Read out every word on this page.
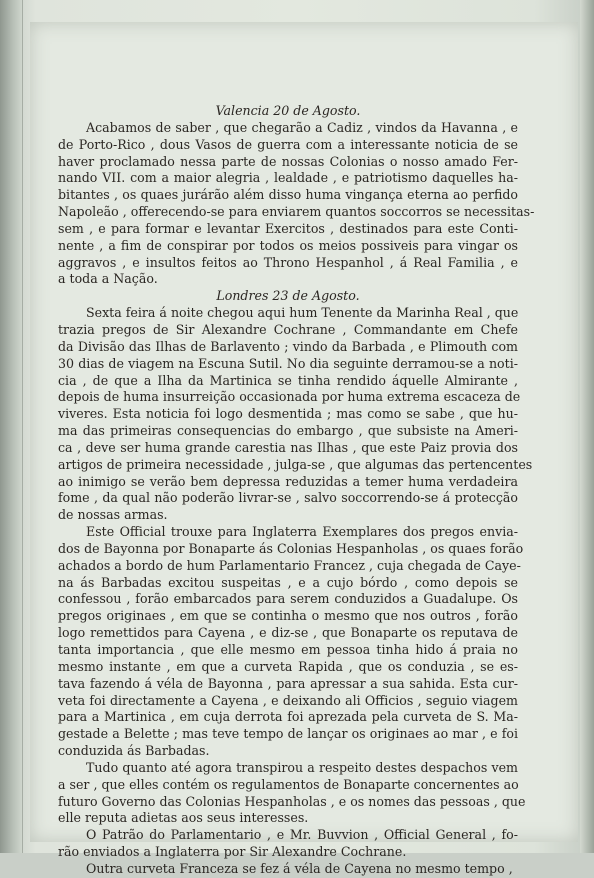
Valencia 20 de Agosto.

Acabamos de saber , que chegarão a Cadiz , vindos da Havanna , e
de Porto-Rico , dous Vasos de guerra com a interessante noticia de se
haver proclamado nessa parte de nossas Colonias o nosso amado Fer-
nando VII. com a maior alegria , lealdade , e patriotismo daquelles ha-
bitantes , os quaes jurárão além disso huma vingança eterna ao perfido
Napoleão , offerecendo-se para enviarem quantos soccorros se necessitas-
sem , e para formar e levantar Exercitos , destinados para este Conti-
nente , a fim de conspirar por todos os meios possiveis para vingar os
aggravos , e insultos feitos ao Throno Hespanhol , á Real Familia , e
a toda a Nação.

Londres 23 de Agosto.

Sexta feira á noite chegou aqui hum Tenente da Marinha Real , que
trazia pregos de Sir Alexandre Cochrane , Commandante em Chefe
da Divisão das Ilhas de Barlavento ; vindo da Barbada , e Plimouth com
30 dias de viagem na Escuna Sutil. No dia seguinte derramou-se a noti-
cia , de que a Ilha da Martinica se tinha rendido áquelle Almirante ,
depois de huma insurreição occasionada por huma extrema escaceza de
viveres. Esta noticia foi logo desmentida ; mas como se sabe , que hu-
ma das primeiras consequencias do embargo , que subsiste na Ameri-
ca , deve ser huma grande carestia nas Ilhas , que este Paiz provia dos
artigos de primeira necessidade , julga-se , que algumas das pertencentes
ao inimigo se verão bem depressa reduzidas a temer huma verdadeira
fome , da qual não poderão livrar-se , salvo soccorrendo-se á protecção
de nossas armas.

Este Official trouxe para Inglaterra Exemplares dos pregos envia-
dos de Bayonna por Bonaparte ás Colonias Hespanholas , os quaes forão
achados a bordo de hum Parlamentario Francez , cuja chegada de Caye-
na ás Barbadas excitou suspeitas , e a cujo bórdo , como depois se
confessou , forão embarcados para serem conduzidos a Guadalupe. Os
pregos originaes , em que se continha o mesmo que nos outros , forão
logo remettidos para Cayena , e diz-se , que Bonaparte os reputava de
tanta importancia , que elle mesmo em pessoa tinha hido á praia no
mesmo instante , em que a curveta Rapida , que os conduzia , se es-
tava fazendo á véla de Bayonna , para apressar a sua sahida. Esta cur-
veta foi directamente a Cayena , e deixando ali Officios , seguio viagem
para a Martinica , em cuja derrota foi aprezada pela curveta de S. Ma-
gestade a Belette ; mas teve tempo de lançar os originaes ao mar , e foi
conduzida ás Barbadas.

Tudo quanto até agora transpirou a respeito destes despachos vem
a ser , que elles contém os regulamentos de Bonaparte concernentes ao
futuro Governo das Colonias Hespanholas , e os nomes das pessoas , que
elle reputa adietas aos seus interesses.

O Patrão do Parlamentario , e Mr. Buvvion , Official General , fo-
rão enviados a Inglaterra por Sir Alexandre Cochrane.

Outra curveta Franceza se fez á véla de Cayena no mesmo tempo ,
